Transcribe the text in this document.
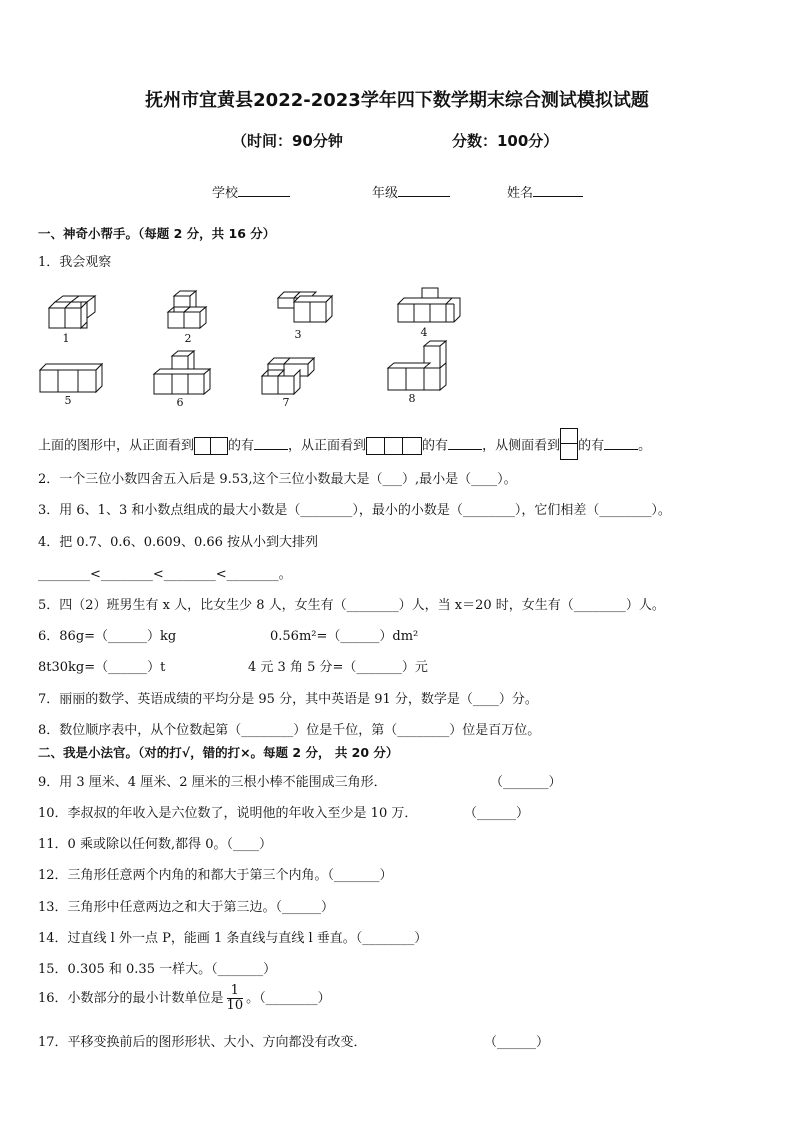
抚州市宜黄县2022-2023学年四下数学期末综合测试模拟试题
（时间：90分钟	分数：100分）
学校	年级	姓名
一、神奇小帮手。（每题 2 分，共 16 分）
1．我会观察
1	2	3	4
5	6	7	8
上面的图形中，从正面看到	的有	，从正面看到	的有	，从侧面看到 的有	。
2．一个三位小数四舍五入后是 9.53,这个三位小数最大是（___）,最小是（____）。
3．用 6、1、3 和小数点组成的最大小数是（________），最小的小数是（________），它们相差（________）。
4．把 0.7、0.6、0.609、0.66 按从小到大排列
________<________<________<________。
5．四（2）班男生有 x 人，比女生少 8 人，女生有（________）人，当 x＝20 时，女生有（________）人。
6．86g=（______）kg	0.56m²=（______）dm²
8t30kg=（______）t	4 元 3 角 5 分=（_______）元
7．丽丽的数学、英语成绩的平均分是 95 分，其中英语是 91 分，数学是（____）分。
8．数位顺序表中，从个位数起第（________）位是千位，第（________）位是百万位。
二、我是小法官。（对的打√，错的打×。每题 2 分， 共 20 分）
9．用 3 厘米、4 厘米、2 厘米的三根小棒不能围成三角形．	（_______）
10．李叔叔的年收入是六位数了，说明他的年收入至少是 10 万．	（______）
11．0 乘或除以任何数,都得 0。（____）
12．三角形任意两个内角的和都大于第三个内角。（_______）
13．三角形中任意两边之和大于第三边。（______）
14．过直线 l 外一点 P，能画 1 条直线与直线 l 垂直。（________）
15．0.305 和 0.35 一样大。（_______）
16．小数部分的最小计数单位是 $\frac{1}{10}$ 。（________）
17．平移变换前后的图形形状、大小、方向都没有改变．	（______）
